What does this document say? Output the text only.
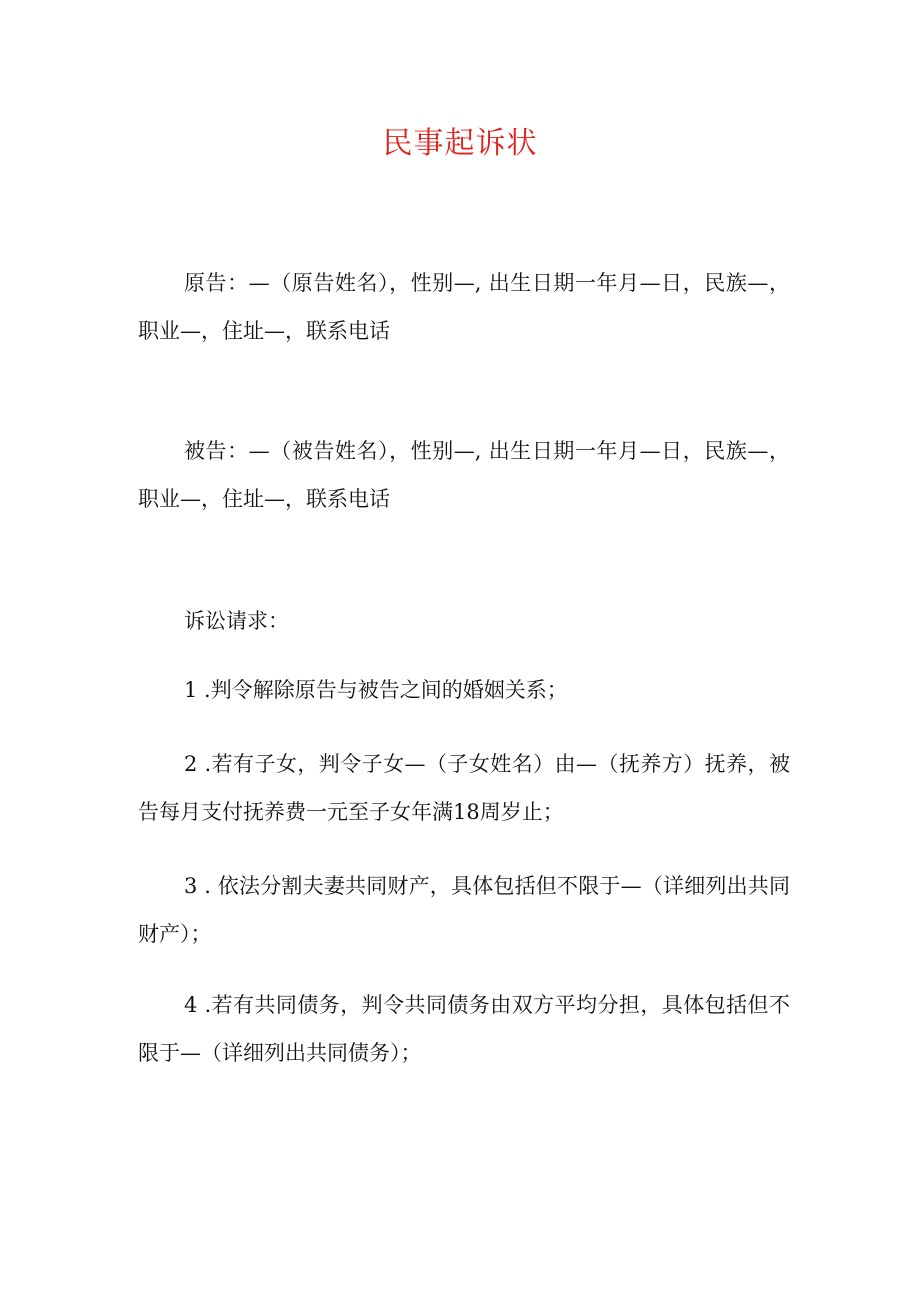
民事起诉状

原告：—（原告姓名），性别—, 出生日期一年月—日，民族—，职业—，住址—，联系电话

被告：—（被告姓名），性别—, 出生日期一年月—日，民族—，职业—，住址—，联系电话

诉讼请求：

1 .判令解除原告与被告之间的婚姻关系；

2 .若有子女，判令子女—（子女姓名）由—（抚养方）抚养，被告每月支付抚养费一元至子女年满18周岁止；

3 . 依法分割夫妻共同财产，具体包括但不限于—（详细列出共同财产）；

4 .若有共同债务，判令共同债务由双方平均分担，具体包括但不限于—（详细列出共同债务）；
